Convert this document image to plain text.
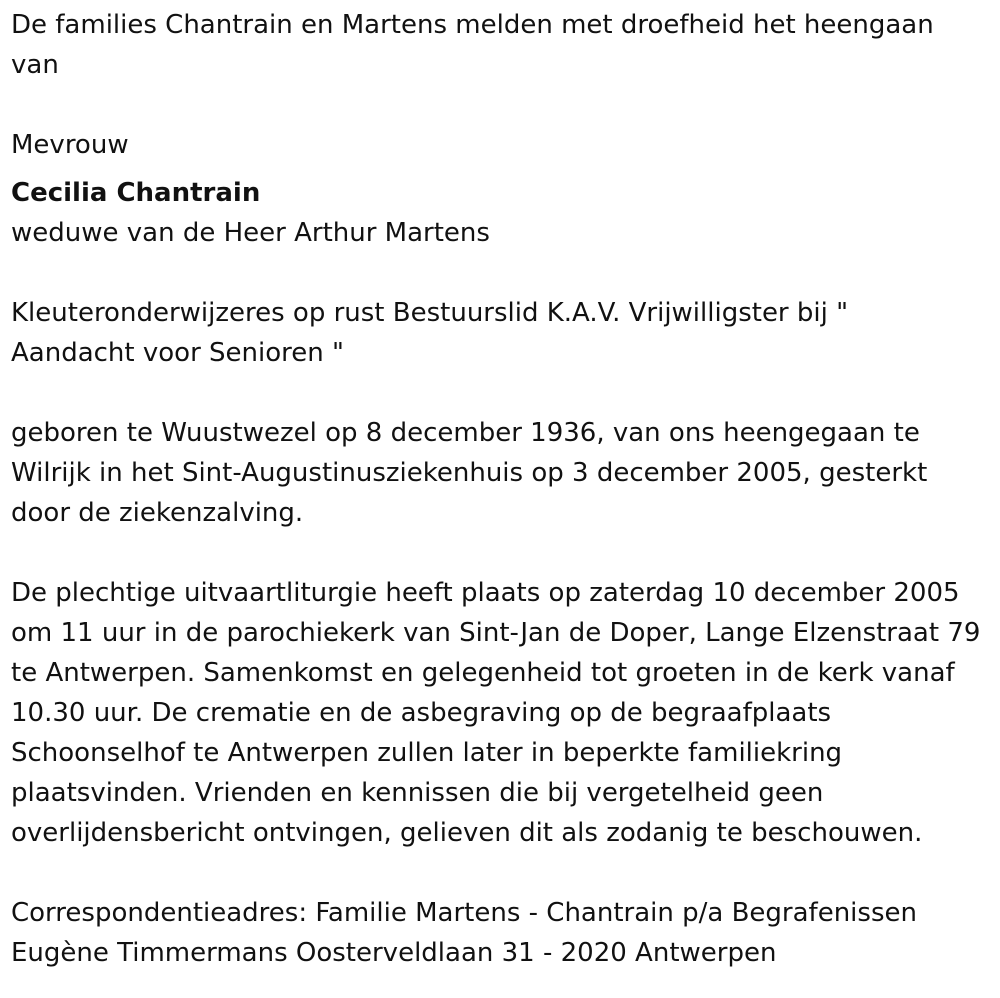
De families Chantrain en Martens melden met droefheid het heengaan

van

Mevrouw

Cecilia Chantrain

weduwe van de Heer Arthur Martens

Kleuteronderwijzeres op rust Bestuurslid K.A.V. Vrijwilligster bij "

Aandacht voor Senioren "

geboren te Wuustwezel op 8 december 1936, van ons heengegaan te

Wilrijk in het Sint-Augustinusziekenhuis op 3 december 2005, gesterkt

door de ziekenzalving.

De plechtige uitvaartliturgie heeft plaats op zaterdag 10 december 2005

om 11 uur in de parochiekerk van Sint-Jan de Doper, Lange Elzenstraat 79

te Antwerpen. Samenkomst en gelegenheid tot groeten in de kerk vanaf

10.30 uur. De crematie en de asbegraving op de begraafplaats

Schoonselhof te Antwerpen zullen later in beperkte familiekring

plaatsvinden. Vrienden en kennissen die bij vergetelheid geen

overlijdensbericht ontvingen, gelieven dit als zodanig te beschouwen.

Correspondentieadres: Familie Martens - Chantrain p/a Begrafenissen

Eugène Timmermans Oosterveldlaan 31 - 2020 Antwerpen
